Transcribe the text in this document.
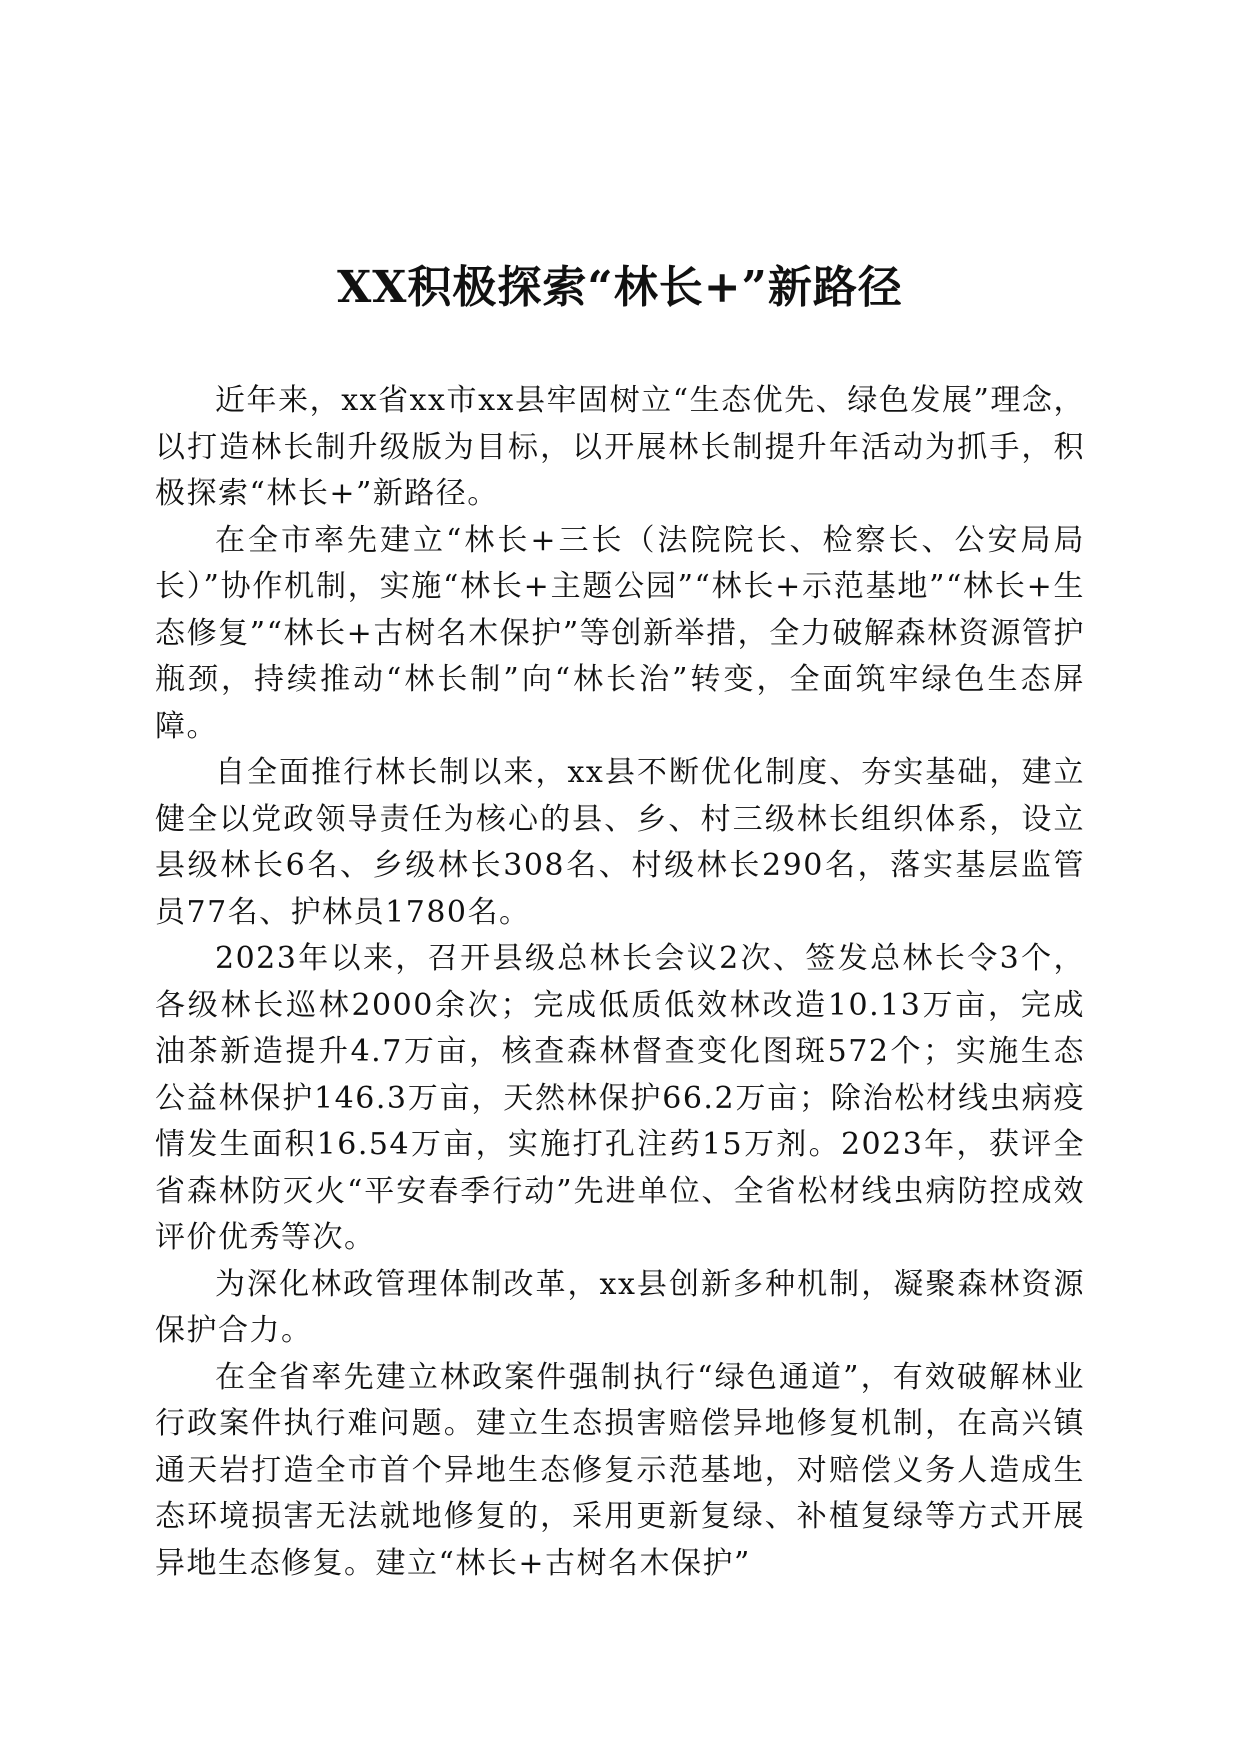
XX积极探索“林长+”新路径

近年来，xx省xx市xx县牢固树立“生态优先、绿色发展”理念，以打造林长制升级版为目标，以开展林长制提升年活动为抓手，积极探索“林长+”新路径。

在全市率先建立“林长+三长（法院院长、检察长、公安局局长）”协作机制，实施“林长+主题公园”“林长+示范基地”“林长+生态修复”“林长+古树名木保护”等创新举措，全力破解森林资源管护瓶颈，持续推动“林长制”向“林长治”转变，全面筑牢绿色生态屏障。

自全面推行林长制以来，xx县不断优化制度、夯实基础，建立健全以党政领导责任为核心的县、乡、村三级林长组织体系，设立县级林长6名、乡级林长308名、村级林长290名，落实基层监管员77名、护林员1780名。

2023年以来，召开县级总林长会议2次、签发总林长令3个，各级林长巡林2000余次；完成低质低效林改造10.13万亩，完成油茶新造提升4.7万亩，核查森林督查变化图斑572个；实施生态公益林保护146.3万亩，天然林保护66.2万亩；除治松材线虫病疫情发生面积16.54万亩，实施打孔注药15万剂。2023年，获评全省森林防灭火“平安春季行动”先进单位、全省松材线虫病防控成效评价优秀等次。

为深化林政管理体制改革，xx县创新多种机制，凝聚森林资源保护合力。

在全省率先建立林政案件强制执行“绿色通道”，有效破解林业行政案件执行难问题。建立生态损害赔偿异地修复机制，在高兴镇通天岩打造全市首个异地生态修复示范基地，对赔偿义务人造成生态环境损害无法就地修复的，采用更新复绿、补植复绿等方式开展异地生态修复。建立“林长+古树名木保护”
